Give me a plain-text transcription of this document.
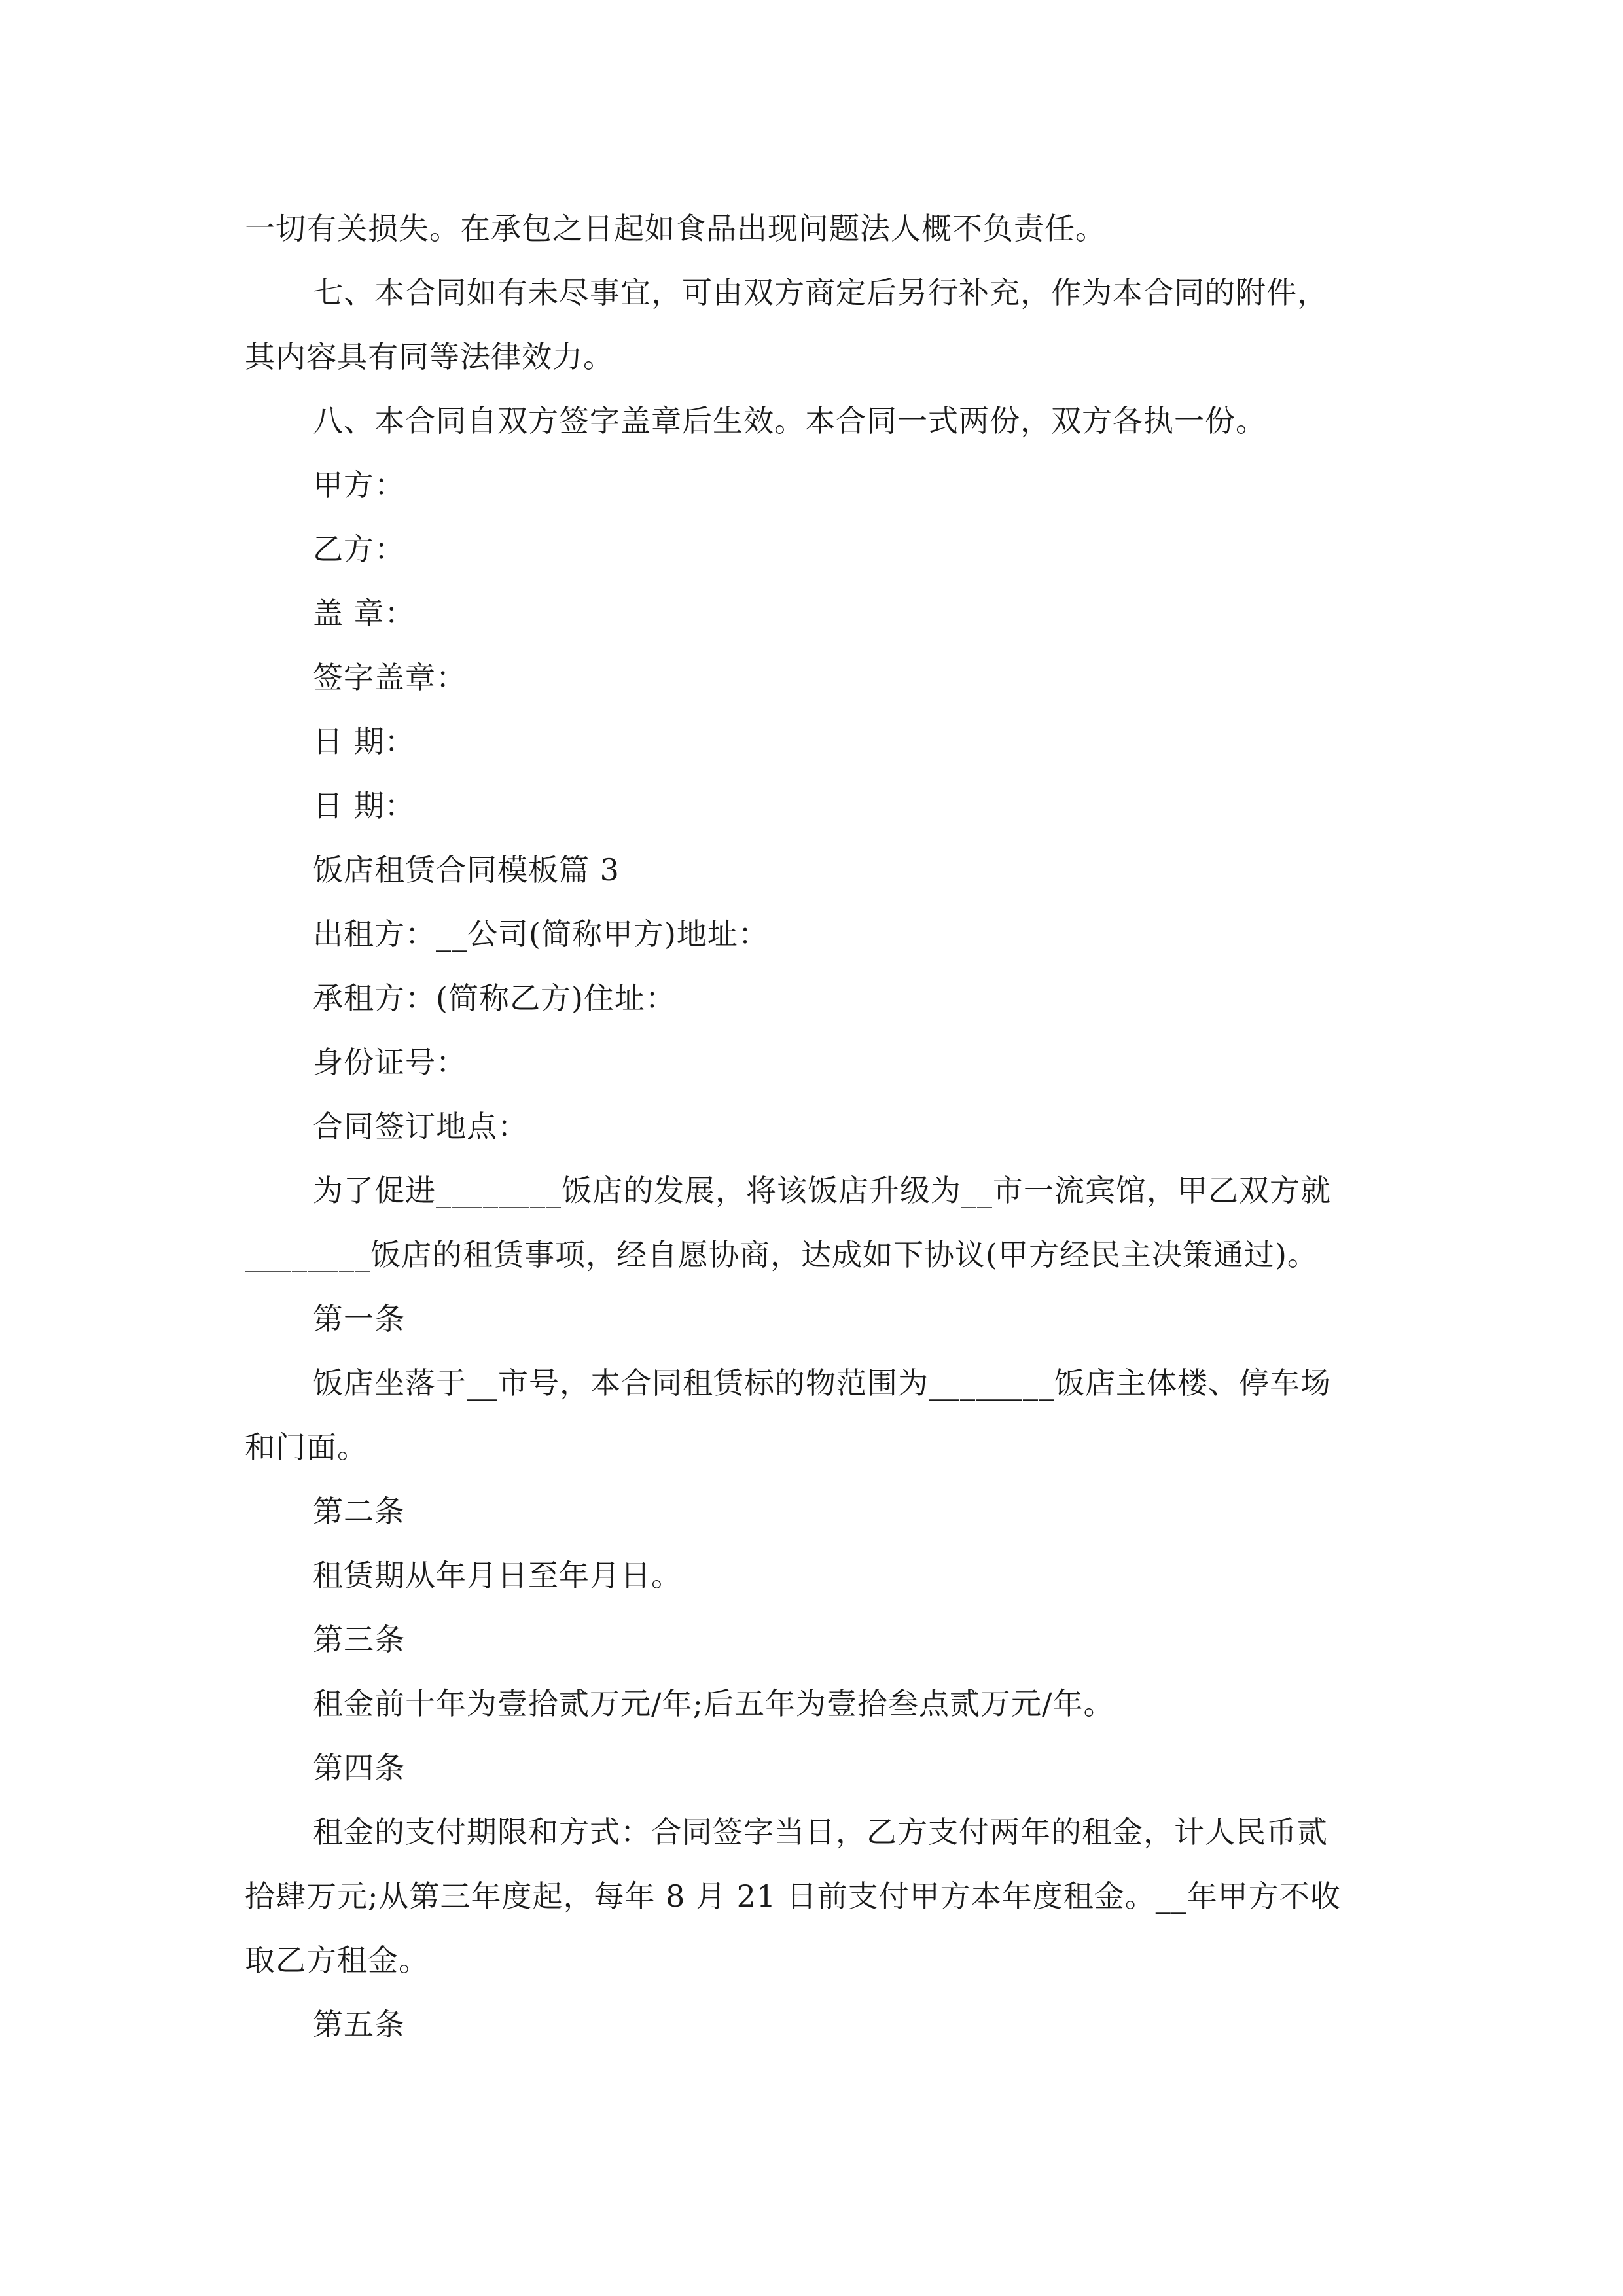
一切有关损失。在承包之日起如食品出现问题法人概不负责任。
七、本合同如有未尽事宜，可由双方商定后另行补充，作为本合同的附件，
其内容具有同等法律效力。
八、本合同自双方签字盖章后生效。本合同一式两份，双方各执一份。
甲方：
乙方：
盖 章：
签字盖章：
日 期：
日 期：
饭店租赁合同模板篇 3
出租方：__公司(简称甲方)地址：
承租方：(简称乙方)住址：
身份证号：
合同签订地点：
为了促进________饭店的发展，将该饭店升级为__市一流宾馆，甲乙双方就
________饭店的租赁事项，经自愿协商，达成如下协议(甲方经民主决策通过)。
第一条
饭店坐落于__市号，本合同租赁标的物范围为________饭店主体楼、停车场
和门面。
第二条
租赁期从年月日至年月日。
第三条
租金前十年为壹拾贰万元/年;后五年为壹拾叁点贰万元/年。
第四条
租金的支付期限和方式：合同签字当日，乙方支付两年的租金，计人民币贰
拾肆万元;从第三年度起，每年 8 月 21 日前支付甲方本年度租金。__年甲方不收
取乙方租金。
第五条
